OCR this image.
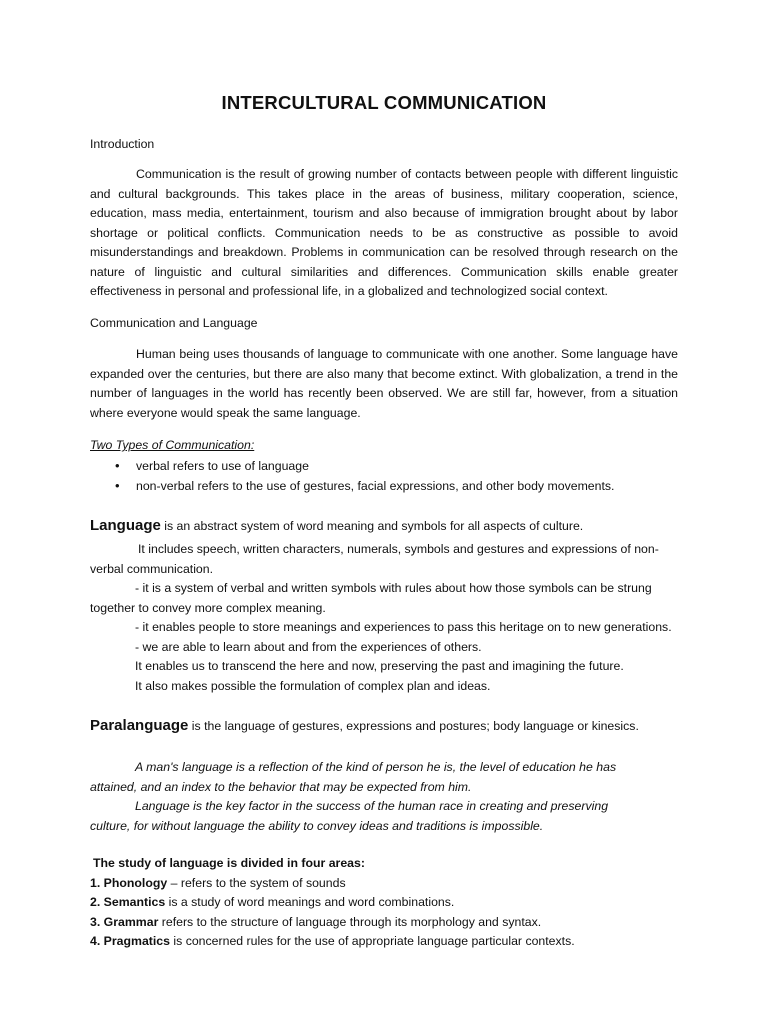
INTERCULTURAL COMMUNICATION
Introduction
Communication is the result of growing number of contacts between people with different linguistic and cultural backgrounds. This takes place in the areas of business, military cooperation, science, education, mass media, entertainment, tourism and also because of immigration brought about by labor shortage or political conflicts. Communication needs to be as constructive as possible to avoid misunderstandings and breakdown. Problems in communication can be resolved through research on the nature of linguistic and cultural similarities and differences. Communication skills enable greater effectiveness in personal and professional life, in a globalized and technologized social context.
Communication and Language
Human being uses thousands of language to communicate with one another. Some language have expanded over the centuries, but there are also many that become extinct. With globalization, a trend in the number of languages in the world has recently been observed. We are still far, however, from a situation where everyone would speak the same language.
Two Types of Communication:
• verbal refers to use of language
• non-verbal refers to the use of gestures, facial expressions, and other body movements.
Language is an abstract system of word meaning and symbols for all aspects of culture.

It includes speech, written characters, numerals, symbols and gestures and expressions of non-verbal communication.

- it is a system of verbal and written symbols with rules about how those symbols can be strung together to convey more complex meaning.

- it enables people to store meanings and experiences to pass this heritage on to new generations.

- we are able to learn about and from the experiences of others.

It enables us to transcend the here and now, preserving the past and imagining the future.

It also makes possible the formulation of complex plan and ideas.

Paralanguage is the language of gestures, expressions and postures; body language or kinesics.

A man's language is a reflection of the kind of person he is, the level of education he has attained, and an index to the behavior that may be expected from him.

Language is the key factor in the success of the human race in creating and preserving culture, for without language the ability to convey ideas and traditions is impossible.

The study of language is divided in four areas:

1. Phonology – refers to the system of sounds

2. Semantics is a study of word meanings and word combinations.

3. Grammar refers to the structure of language through its morphology and syntax.

4. Pragmatics is concerned rules for the use of appropriate language particular contexts.
